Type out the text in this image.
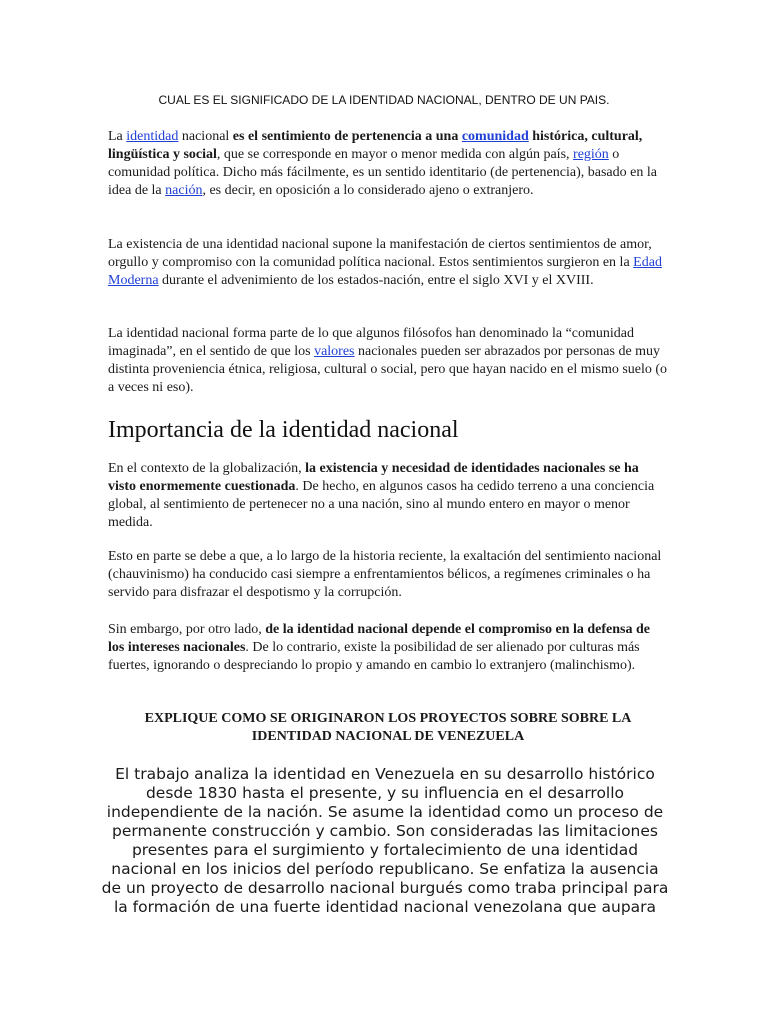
CUAL ES EL SIGNIFICADO DE LA IDENTIDAD NACIONAL, DENTRO DE UN PAIS.

La identidad nacional es el sentimiento de pertenencia a una comunidad histórica, cultural, lingüística y social, que se corresponde en mayor o menor medida con algún país, región o comunidad política. Dicho más fácilmente, es un sentido identitario (de pertenencia), basado en la idea de la nación, es decir, en oposición a lo considerado ajeno o extranjero.

La existencia de una identidad nacional supone la manifestación de ciertos sentimientos de amor, orgullo y compromiso con la comunidad política nacional. Estos sentimientos surgieron en la Edad Moderna durante el advenimiento de los estados-nación, entre el siglo XVI y el XVIII.

La identidad nacional forma parte de lo que algunos filósofos han denominado la “comunidad imaginada”, en el sentido de que los valores nacionales pueden ser abrazados por personas de muy distinta proveniencia étnica, religiosa, cultural o social, pero que hayan nacido en el mismo suelo (o a veces ni eso).

Importancia de la identidad nacional

En el contexto de la globalización, la existencia y necesidad de identidades nacionales se ha visto enormemente cuestionada. De hecho, en algunos casos ha cedido terreno a una conciencia global, al sentimiento de pertenecer no a una nación, sino al mundo entero en mayor o menor medida.

Esto en parte se debe a que, a lo largo de la historia reciente, la exaltación del sentimiento nacional (chauvinismo) ha conducido casi siempre a enfrentamientos bélicos, a regímenes criminales o ha servido para disfrazar el despotismo y la corrupción.

Sin embargo, por otro lado, de la identidad nacional depende el compromiso en la defensa de los intereses nacionales. De lo contrario, existe la posibilidad de ser alienado por culturas más fuertes, ignorando o despreciando lo propio y amando en cambio lo extranjero (malinchismo).

EXPLIQUE COMO SE ORIGINARON LOS PROYECTOS SOBRE SOBRE LA IDENTIDAD NACIONAL DE VENEZUELA

El trabajo analiza la identidad en Venezuela en su desarrollo histórico desde 1830 hasta el presente, y su influencia en el desarrollo independiente de la nación. Se asume la identidad como un proceso de permanente construcción y cambio. Son consideradas las limitaciones presentes para el surgimiento y fortalecimiento de una identidad nacional en los inicios del período republicano. Se enfatiza la ausencia de un proyecto de desarrollo nacional burgués como traba principal para la formación de una fuerte identidad nacional venezolana que aupara
